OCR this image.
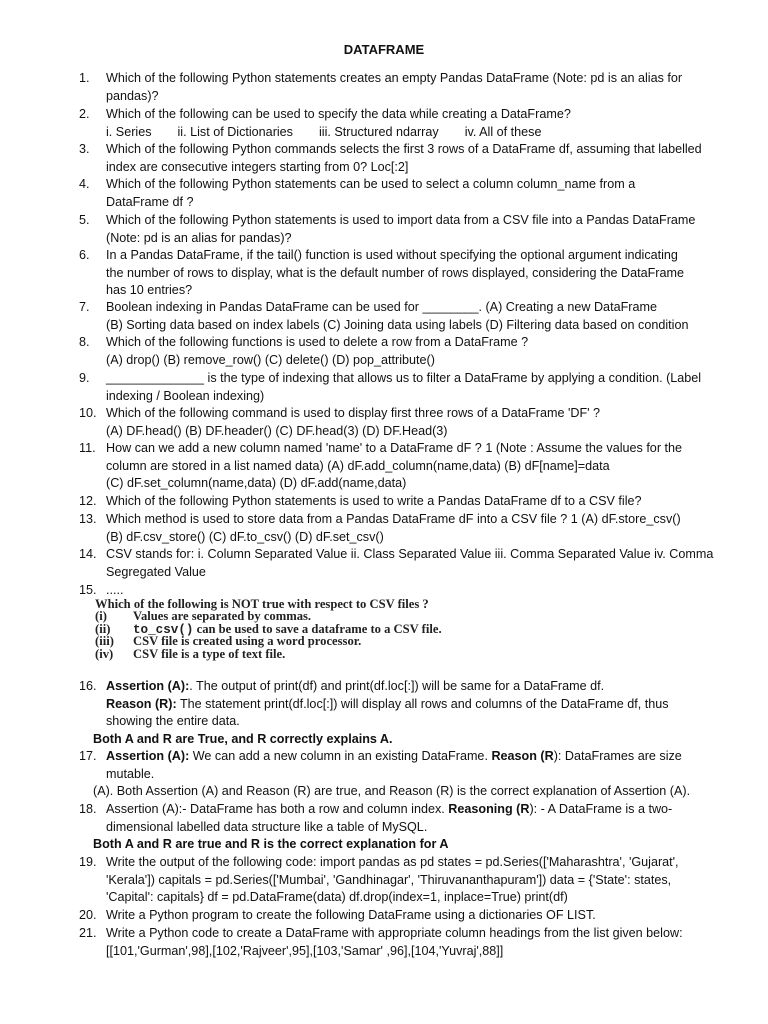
DATAFRAME
1. Which of the following Python statements creates an empty Pandas DataFrame (Note: pd is an alias for
pandas)?
2. Which of the following can be used to specify the data while creating a DataFrame?
i. Series ii. List of Dictionaries iii. Structured ndarray iv. All of these
3. Which of the following Python commands selects the first 3 rows of a DataFrame df, assuming that labelled
index are consecutive integers starting from 0? Loc[:2]
4. Which of the following Python statements can be used to select a column column_name from a
DataFrame df ?
5. Which of the following Python statements is used to import data from a CSV file into a Pandas DataFrame
(Note: pd is an alias for pandas)?
6. In a Pandas DataFrame, if the tail() function is used without specifying the optional argument indicating
the number of rows to display, what is the default number of rows displayed, considering the DataFrame
has 10 entries?
7. Boolean indexing in Pandas DataFrame can be used for ________. (A) Creating a new DataFrame
(B) Sorting data based on index labels (C) Joining data using labels (D) Filtering data based on condition
8. Which of the following functions is used to delete a row from a DataFrame ?
(A) drop() (B) remove_row() (C) delete() (D) pop_attribute()
9. ______________ is the type of indexing that allows us to filter a DataFrame by applying a condition. (Label
indexing / Boolean indexing)
10. Which of the following command is used to display first three rows of a DataFrame 'DF' ?
(A) DF.head() (B) DF.header() (C) DF.head(3) (D) DF.Head(3)
11. How can we add a new column named 'name' to a DataFrame dF ? 1 (Note : Assume the values for the
column are stored in a list named data) (A) dF.add_column(name,data) (B) dF[name]=data
(C) dF.set_column(name,data) (D) dF.add(name,data)
12. Which of the following Python statements is used to write a Pandas DataFrame df to a CSV file?
13. Which method is used to store data from a Pandas DataFrame dF into a CSV file ? 1 (A) dF.store_csv()
(B) dF.csv_store() (C) dF.to_csv() (D) dF.set_csv()
14. CSV stands for: i. Column Separated Value ii. Class Separated Value iii. Comma Separated Value iv. Comma
Segregated Value
15. .....
Which of the following is NOT true with respect to CSV files ?
(i) Values are separated by commas.
(ii) to_csv() can be used to save a dataframe to a CSV file.
(iii) CSV file is created using a word processor.
(iv) CSV file is a type of text file.
16. Assertion (A):. The output of print(df) and print(df.loc[:]) will be same for a DataFrame df.
Reason (R): The statement print(df.loc[:]) will display all rows and columns of the DataFrame df, thus
showing the entire data.
Both A and R are True, and R correctly explains A.
17. Assertion (A): We can add a new column in an existing DataFrame. Reason (R): DataFrames are size
mutable.
(A). Both Assertion (A) and Reason (R) are true, and Reason (R) is the correct explanation of Assertion (A).
18. Assertion (A):- DataFrame has both a row and column index. Reasoning (R): - A DataFrame is a two-
dimensional labelled data structure like a table of MySQL.
Both A and R are true and R is the correct explanation for A
19. Write the output of the following code: import pandas as pd states = pd.Series(['Maharashtra', 'Gujarat',
'Kerala']) capitals = pd.Series(['Mumbai', 'Gandhinagar', 'Thiruvananthapuram']) data = {'State': states,
'Capital': capitals} df = pd.DataFrame(data) df.drop(index=1, inplace=True) print(df)
20. Write a Python program to create the following DataFrame using a dictionaries OF LIST.
21. Write a Python code to create a DataFrame with appropriate column headings from the list given below:
[[101,'Gurman',98],[102,'Rajveer',95],[103,'Samar' ,96],[104,'Yuvraj',88]]
